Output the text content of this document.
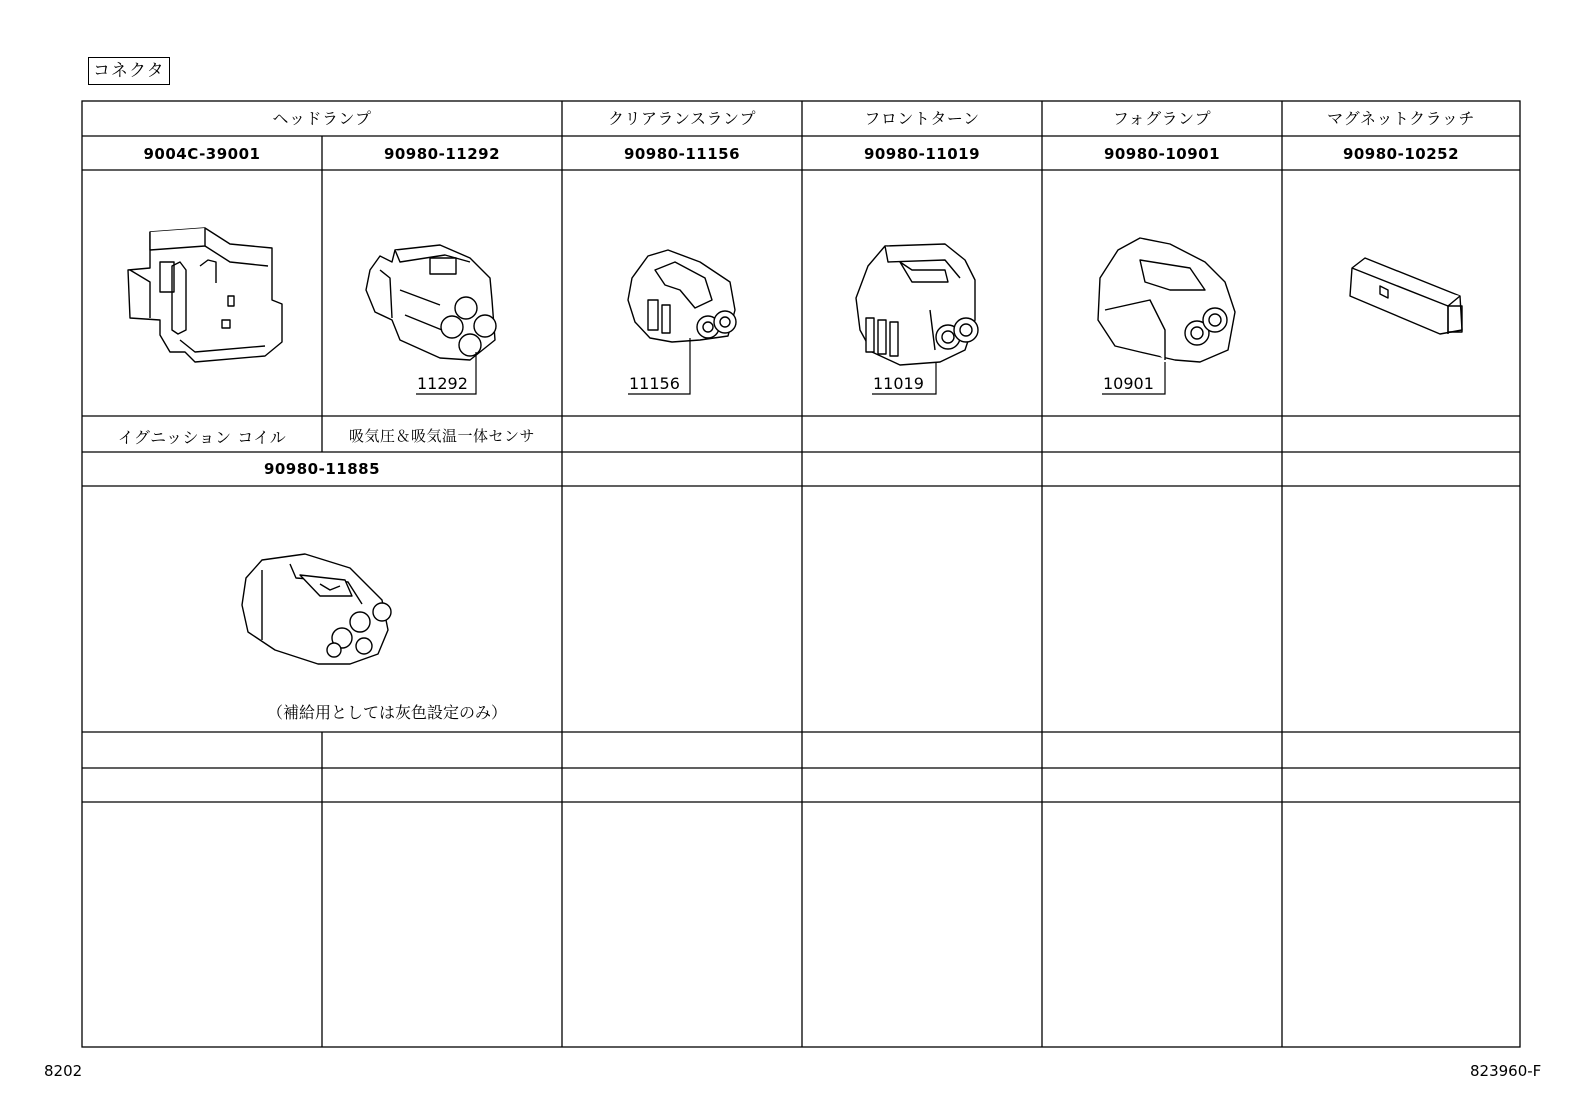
コネクタ
ヘッドランプ	クリアランスランプ	フロントターン	フォグランプ	マグネットクラッチ
9004C-39001	90980-11292	90980-11156	90980-11019	90980-10901	90980-10252
11292	11156	11019	10901
イグニッション コイル	吸気圧＆吸気温一体センサ
90980-11885
（補給用としては灰色設定のみ）
8202	823960-F
